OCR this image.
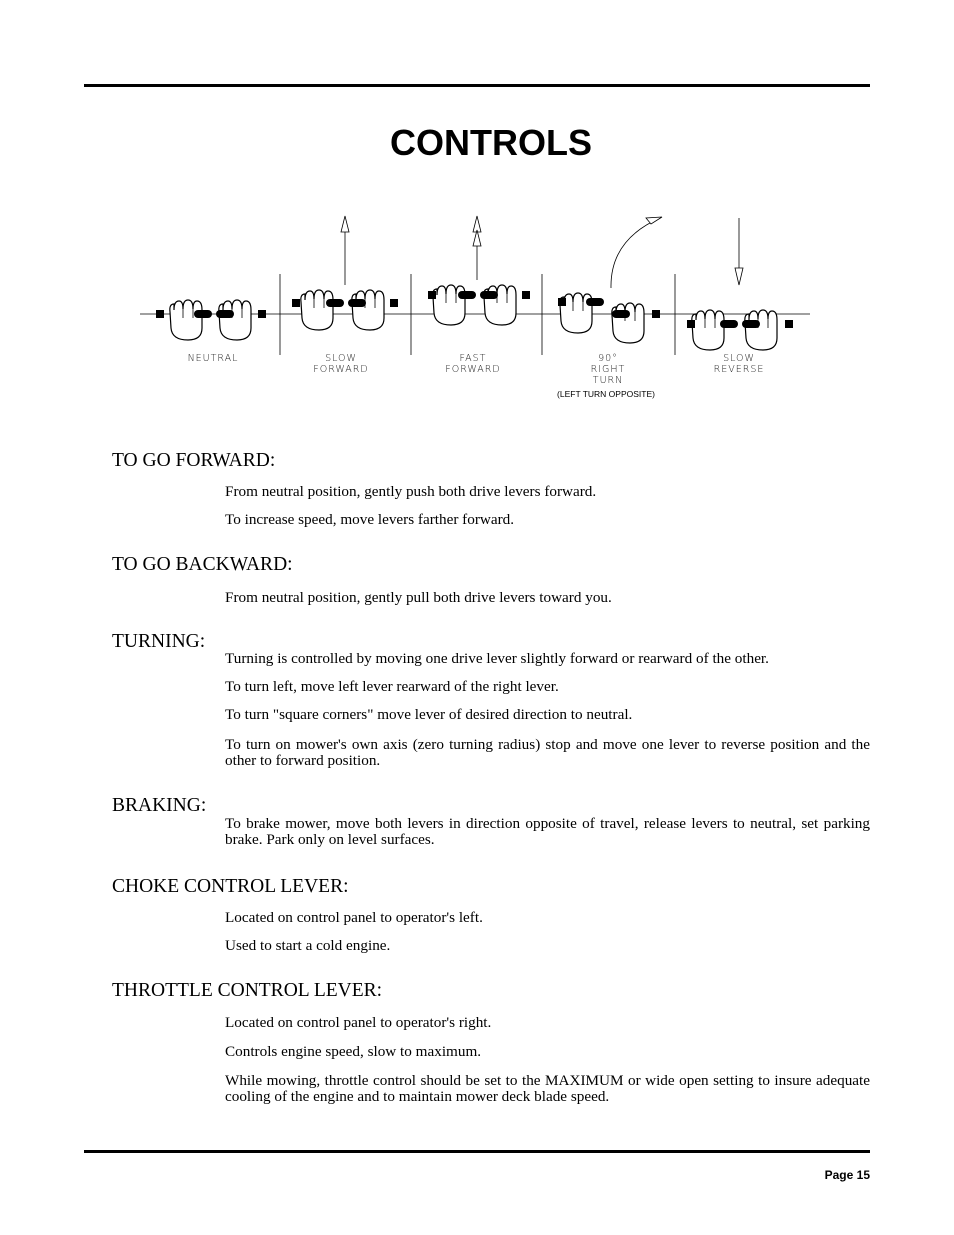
CONTROLS
NEUTRAL	SLOW
FORWARD
FAST
FORWARD
90°
RIGHT
TURN
SLOW
REVERSE
(LEFT TURN OPPOSITE)
TO GO FORWARD:

From neutral position, gently push both drive levers forward.

To increase speed, move levers farther forward.

TO GO BACKWARD:

From neutral position, gently pull both drive levers toward you.

TURNING:

Turning is controlled by moving one drive lever slightly forward or rearward of the other.

To turn left, move left lever rearward of the right lever.

To turn "square corners" move lever of desired direction to neutral.

To turn on mower's own axis (zero turning radius) stop and move one lever to reverse position and the other to forward position.

BRAKING:

To brake mower, move both levers in direction opposite of travel, release levers to neutral, set parking brake. Park only on level surfaces.

CHOKE CONTROL LEVER:

Located on control panel to operator's left.

Used to start a cold engine.

THROTTLE CONTROL LEVER:

Located on control panel to operator's right.

Controls engine speed, slow to maximum.

While mowing, throttle control should be set to the MAXIMUM or wide open setting to insure adequate cooling of the engine and to maintain mower deck blade speed.

Page 15
